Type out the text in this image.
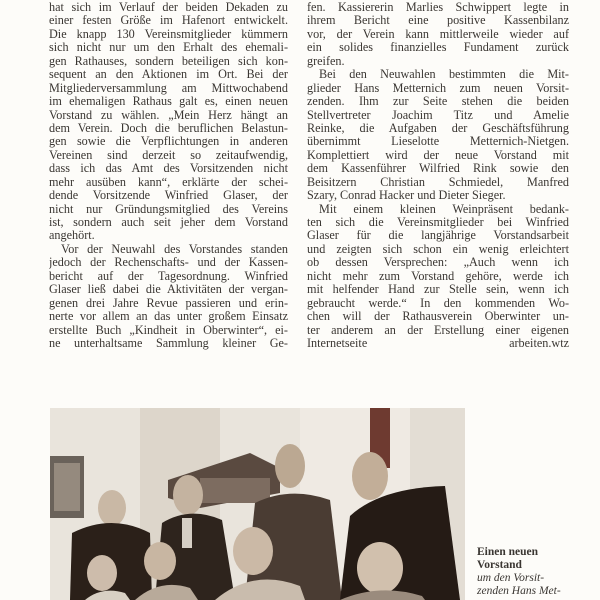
hat sich im Verlauf der beiden Dekaden zu
einer festen Größe im Hafenort entwickelt.
Die knapp 130 Vereinsmitglieder kümmern
sich nicht nur um den Erhalt des ehemali-
gen Rathauses, sondern beteiligen sich kon-
sequent an den Aktionen im Ort. Bei der
Mitgliederversammlung am Mittwochabend
im ehemaligen Rathaus galt es, einen neuen
Vorstand zu wählen. „Mein Herz hängt an
dem Verein. Doch die beruflichen Belastun-
gen sowie die Verpflichtungen in anderen
Vereinen sind derzeit so zeitaufwendig,
dass ich das Amt des Vorsitzenden nicht
mehr ausüben kann“, erklärte der schei-
dende Vorsitzende Winfried Glaser, der
nicht nur Gründungsmitglied des Vereins
ist, sondern auch seit jeher dem Vorstand
angehört.
Vor der Neuwahl des Vorstandes standen
jedoch der Rechenschafts- und der Kassen-
bericht auf der Tagesordnung. Winfried
Glaser ließ dabei die Aktivitäten der vergan-
genen drei Jahre Revue passieren und erin-
nerte vor allem an das unter großem Einsatz
erstellte Buch „Kindheit in Oberwinter“, ei-
ne unterhaltsame Sammlung kleiner Ge-
fen. Kassiererin Marlies Schwippert legte in
ihrem Bericht eine positive Kassenbilanz
vor, der Verein kann mittlerweile wieder auf
ein solides finanzielles Fundament zurück
greifen.
Bei den Neuwahlen bestimmten die Mit-
glieder Hans Metternich zum neuen Vorsit-
zenden. Ihm zur Seite stehen die beiden
Stellvertreter Joachim Titz und Amelie
Reinke, die Aufgaben der Geschäftsführung
übernimmt Lieselotte Metternich-Nietgen.
Komplettiert wird der neue Vorstand mit
dem Kassenführer Wilfried Rink sowie den
Beisitzern Christian Schmiedel, Manfred
Szary, Conrad Hacker und Dieter Sieger.
Mit einem kleinen Weinpräsent bedank-
ten sich die Vereinsmitglieder bei Winfried
Glaser für die langjährige Vorstandsarbeit
und zeigten sich schon ein wenig erleichtert
ob dessen Versprechen: „Auch wenn ich
nicht mehr zum Vorstand gehöre, werde ich
mit helfender Hand zur Stelle sein, wenn ich
gebraucht werde.“ In den kommenden Wo-
chen will der Rathausverein Oberwinter un-
ter anderem an der Erstellung einer eigenen
Internetseite arbeiten.wtz
Einen neuen
Vorstand
um den Vorsit-
zenden Hans Met-
